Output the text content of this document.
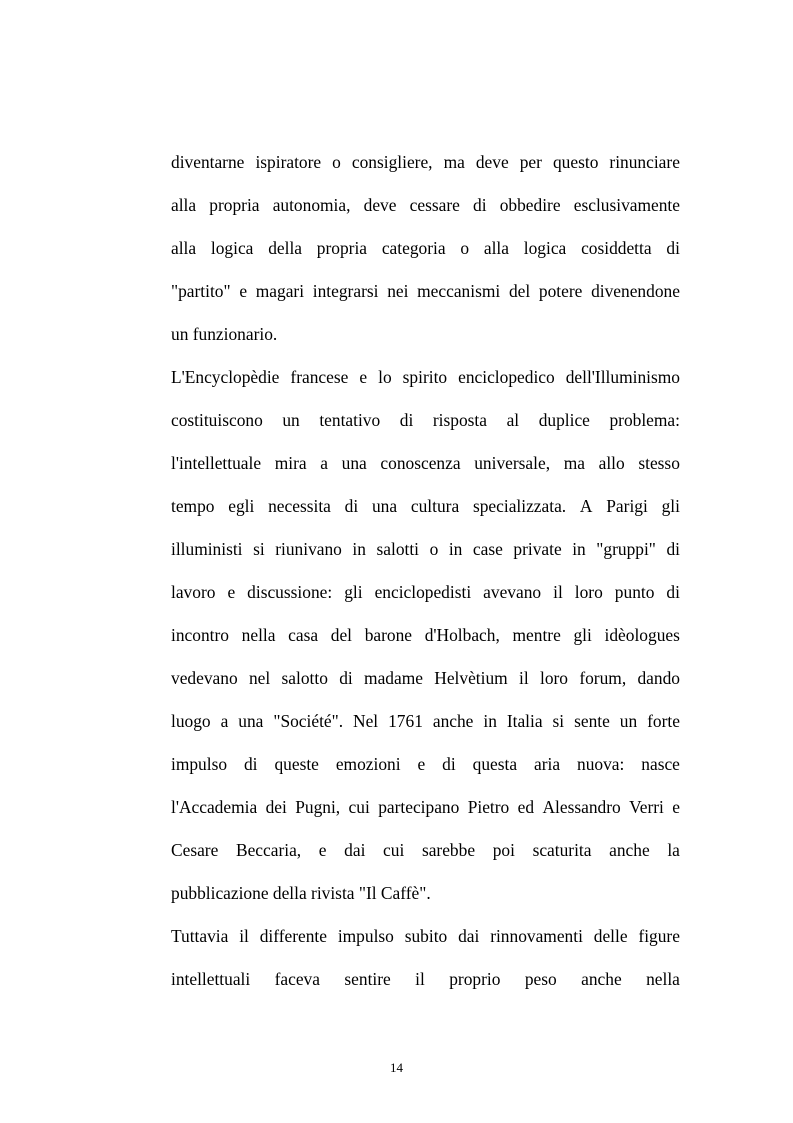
diventarne ispiratore o consigliere, ma deve per questo rinunciare
alla propria autonomia, deve cessare di obbedire esclusivamente
alla logica della propria categoria o alla logica cosiddetta di
"partito" e magari integrarsi nei meccanismi del potere divenendone
un funzionario.
L'Encyclopèdie francese e lo spirito enciclopedico dell'Illuminismo
costituiscono un tentativo di risposta al duplice problema:
l'intellettuale mira a una conoscenza universale, ma allo stesso
tempo egli necessita di una cultura specializzata. A Parigi gli
illuministi si riunivano in salotti o in case private in "gruppi" di
lavoro e discussione: gli enciclopedisti avevano il loro punto di
incontro nella casa del barone d'Holbach, mentre gli idèologues
vedevano nel salotto di madame Helvètium il loro forum, dando
luogo a una "Société". Nel 1761 anche in Italia si sente un forte
impulso di queste emozioni e di questa aria nuova: nasce
l'Accademia dei Pugni, cui partecipano Pietro ed Alessandro Verri e
Cesare Beccaria, e dai cui sarebbe poi scaturita anche la
pubblicazione della rivista "Il Caffè".
Tuttavia il differente impulso subito dai rinnovamenti delle figure
intellettuali faceva sentire il proprio peso anche nella
14
